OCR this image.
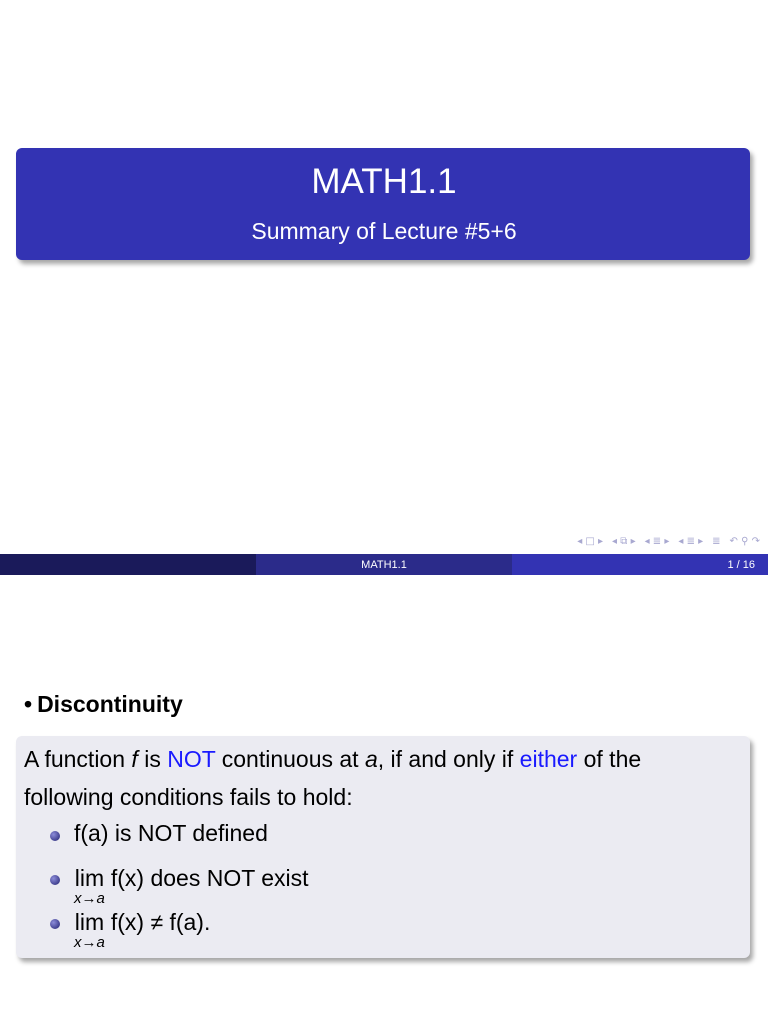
MATH1.1
Summary of Lecture #5+6
◂ □ ▸ ◂ ⧉ ▸ ◂ ≣ ▸ ◂ ≣ ▸ ≣ ↶ ⚲ ↷
MATH1.1	1 / 16
• Discontinuity
A function f is NOT continuous at a, if and only if either of the following conditions fails to hold:
f(a) is NOT defined
lim
x→a
f(x) does NOT exist
lim
x→a
f(x) ≠ f(a).
